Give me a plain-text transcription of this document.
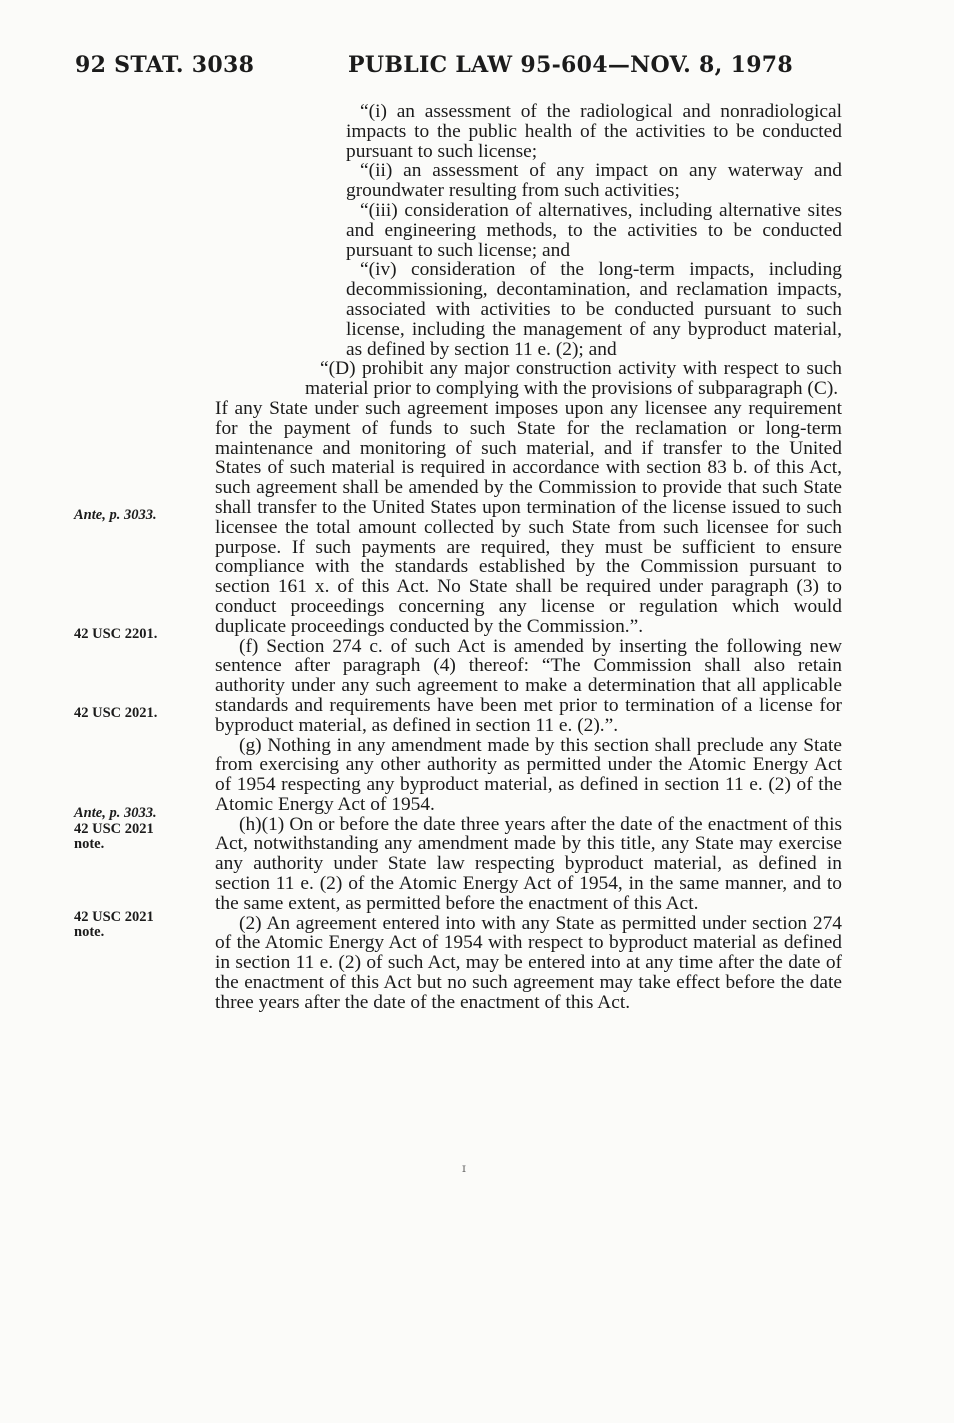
92 STAT. 3038	PUBLIC LAW 95-604—NOV. 8, 1978

“(i) an assessment of the radiological and nonradiological impacts to the public health of the activities to be conducted pursuant to such license;

“(ii) an assessment of any impact on any waterway and groundwater resulting from such activities;

“(iii) consideration of alternatives, including alternative sites and engineering methods, to the activities to be conducted pursuant to such license; and

“(iv) consideration of the long-term impacts, including decommissioning, decontamination, and reclamation impacts, associated with activities to be conducted pursuant to such license, including the management of any byproduct material, as defined by section 11 e. (2); and

“(D) prohibit any major construction activity with respect to such material prior to complying with the provisions of subparagraph (C).

If any State under such agreement imposes upon any licensee any requirement for the payment of funds to such State for the reclamation or long-term maintenance and monitoring of such material, and if transfer to the United States of such material is required in accordance with section 83 b. of this Act, such agreement shall be amended by the Commission to provide that such State shall transfer to the United States upon termination of the license issued to such licensee the total amount collected by such State from such licensee for such purpose. If such payments are required, they must be sufficient to ensure compliance with the standards established by the Commission pursuant to section 161 x. of this Act. No State shall be required under paragraph (3) to conduct proceedings concerning any license or regulation which would duplicate proceedings conducted by the Commission.”.

(f) Section 274 c. of such Act is amended by inserting the following new sentence after paragraph (4) thereof: “The Commission shall also retain authority under any such agreement to make a determination that all applicable standards and requirements have been met prior to termination of a license for byproduct material, as defined in section 11 e. (2).”.

(g) Nothing in any amendment made by this section shall preclude any State from exercising any other authority as permitted under the Atomic Energy Act of 1954 respecting any byproduct material, as defined in section 11 e. (2) of the Atomic Energy Act of 1954.

(h)(1) On or before the date three years after the date of the enactment of this Act, notwithstanding any amendment made by this title, any State may exercise any authority under State law respecting byproduct material, as defined in section 11 e. (2) of the Atomic Energy Act of 1954, in the same manner, and to the same extent, as permitted before the enactment of this Act.

(2) An agreement entered into with any State as permitted under section 274 of the Atomic Energy Act of 1954 with respect to byproduct material as defined in section 11 e. (2) of such Act, may be entered into at any time after the date of the enactment of this Act but no such agreement may take effect before the date three years after the date of the enactment of this Act.

Ante, p. 3033.
42 USC 2201.
42 USC 2021.
Ante, p. 3033.
42 USC 2021
note.
42 USC 2021
note.
ɪ
